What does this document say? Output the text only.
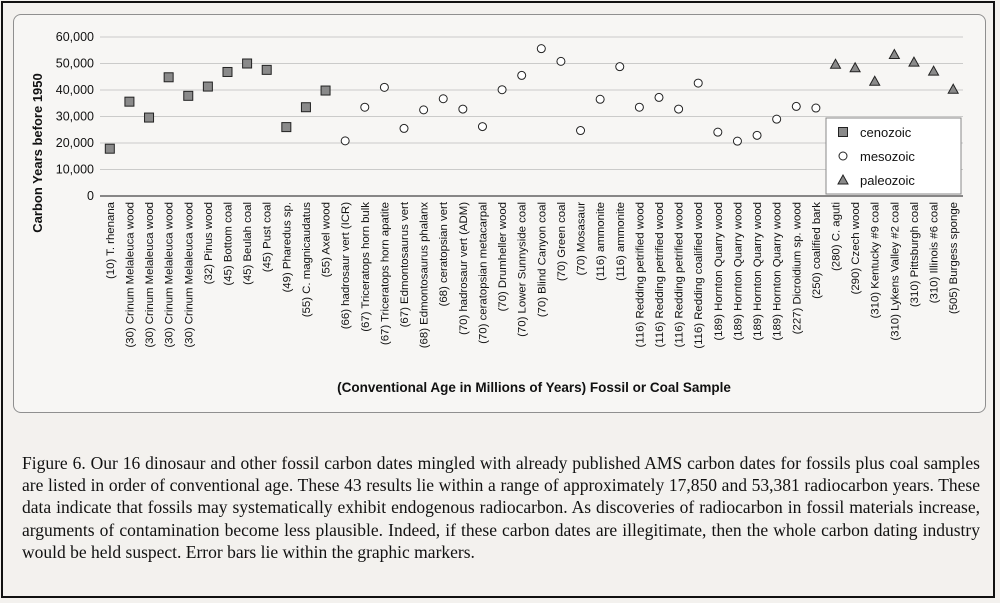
0
10,000
20,000
30,000
40,000
50,000
60,000
(10) T. rhenana (30) Crinum Melaleuca wood (30) Crinum Melaleuca wood (30) Crinum Melaleuca wood (30) Crinum Melaleuca wood (32) Pinus wood (45) Bottom coal (45) Beulah coal (45) Pust coal (49) Pharedus sp. (55) C. magnicaudatus (55) Axel wood (66) hadrosaur vert (ICR) (67) Triceratops horn bulk (67) Triceratops horn apatite (67) Edmontosaurus vert (68) Edmontosaurus phalanx (68) ceratopsian vert (70) hadrosaur vert (ADM) (70) ceratopsian metacarpal (70) Drumheller wood (70) Lower Sunnyside coal (70) Blind Canyon coal (70) Green coal (70) Mosasaur (116) ammonite (116) ammonite (116) Redding petrified wood (116) Redding petrified wood (116) Redding petrified wood (116) Redding coalified wood (189) Hornton Quarry wood (189) Hornton Quarry wood (189) Hornton Quarry wood (189) Hornton Quarry wood (227) Dicroidium sp. wood (250) coalified bark (280) C. aguti (290) Czech wood (310) Kentucky #9 coal (310) Lykens Valley #2 coal (310) Pittsburgh coal (310) Illinois #6 coal (505) Burgess sponge
Carbon Years before 1950
(Conventional Age in Millions of Years) Fossil or Coal Sample
cenozoic
mesozoic
paleozoic
Figure 6. Our 16 dinosaur and other fossil carbon dates mingled with already published AMS carbon dates for fossils plus coal samples are listed in order of conventional age. These 43 results lie within a range of approximately 17,850 and 53,381 radiocarbon years. These data indicate that fossils may systematically exhibit endogenous radiocarbon. As discoveries of radiocarbon in fossil materials increase, arguments of contamination become less plausible. Indeed, if these carbon dates are illegitimate, then the whole carbon dating industry would be held suspect. Error bars lie within the graphic markers.
